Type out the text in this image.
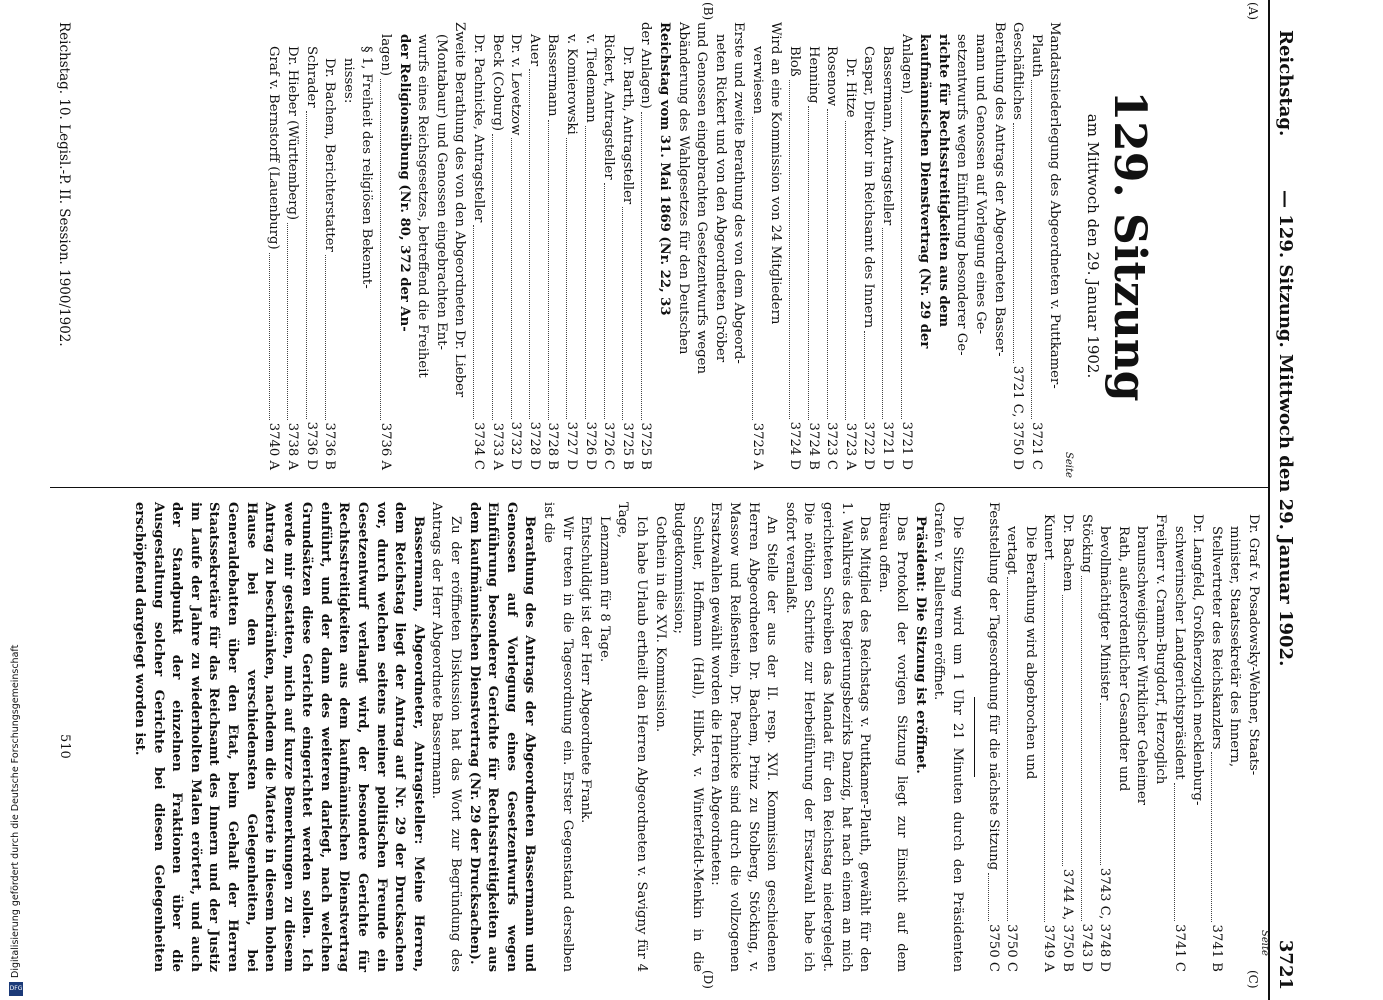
Reichstag.
— 129. Sitzung. Mittwoch den 29. Januar 1902.
3721
(A)
(B)
(C)
(D)
Seite
Seite
129. Sitzung
am Mittwoch den 29. Januar 1902.
Mandatsniederlegung des Abgeordneten v. Puttkamer-
Plauth
3721 C
Geschäftliches
3721 C, 3750 D
Berathung des Antrags der Abgeordneten Basser-
mann und Genossen auf Vorlegung eines Ge-
setzentwurfs wegen Einführung besonderer Ge-
richte für Rechtsstreitigkeiten aus dem
kaufmännischen Dienstvertrag (Nr. 29 der
Anlagen)
3721 D
Bassermann, Antragsteller
3721 D
Caspar, Direktor im Reichsamt des Innern
3722 D
Dr. Hitze
3723 A
Rosenow
3723 C
Henning
3724 B
Bloß
3724 D
Wird an eine Kommission von 24 Mitgliedern
verwiesen
3725 A
Erste und zweite Berathung des von dem Abgeord-
neten Rickert und von den Abgeordneten Gröber
und Genossen eingebrachten Gesetzentwurfs wegen
Abänderung des Wahlgesetzes für den Deutschen
Reichstag vom 31. Mai 1869 (Nr. 22, 33
der Anlagen)
3725 B
Dr. Barth, Antragsteller
3725 B
Rickert, Antragsteller
3726 C
v. Tiedemann
3726 D
v. Komierowski
3727 D
Bassermann
3728 B
Auer
3728 D
Dr. v. Levetzow
3732 D
Beck (Coburg)
3733 A
Dr. Pachnicke, Antragsteller
3734 C
Zweite Berathung des von den Abgeordneten Dr. Lieber
(Montabaur) und Genossen eingebrachten Ent-
wurfs eines Reichsgesetzes, betreffend die Freiheit
der Religionsübung (Nr. 80, 372 der An-
lagen)
3736 A
§ 1, Freiheit des religiösen Bekennt-
nisses:
Dr. Bachem, Berichterstatter
3736 B
Schrader
3736 D
Dr. Hieber (Württemberg)
3738 A
Graf v. Bernstorff (Lauenburg)
3740 A
Dr. Graf v. Posadowsky-Wehner, Staats-
minister, Staatssekretär des Innern,
Stellvertreter des Reichskanzlers
3741 B
Dr. Langfeld, Großherzoglich mecklenburg-
schwerinscher Landgerichtspräsident
3741 C
Freiherr v. Cramm-Burgdorf, Herzoglich
braunschweigischer Wirklicher Geheimer
Rath, außerordentlicher Gesandter und
bevollmächtigter Minister
3743 C, 3748 D
Stöcking
3743 D
Dr. Bachem
3744 A, 3750 B
Kunert
3749 A
Die Berathung wird abgebrochen und
vertagt
3750 C
Feststellung der Tagesordnung für die nächste Sitzung
3750 C

Die Sitzung wird um 1 Uhr 21 Minuten durch den Präsidenten Grafen v. Ballestrem eröffnet.

Präsident: Die Sitzung ist eröffnet.

Das Protokoll der vorigen Sitzung liegt zur Einsicht auf dem Büreau offen.

Das Mitglied des Reichstags v. Puttkamer-Plauth, gewählt für den 1. Wahlkreis des Regierungsbezirks Danzig, hat nach einem an mich gerichteten Schreiben das Mandat für den Reichstag niedergelegt. Die nöthigen Schritte zur Herbeiführung der Ersatzwahl habe ich sofort veranlaßt.

An Stelle der aus der II. resp. XVI. Kommission geschiedenen Herren Abgeordneten Dr. Bachem, Prinz zu Stolberg, Stöcking, v. Massow und Reißenstein, Dr. Pachnicke sind durch die vollzogenen Ersatzwahlen gewählt worden die Herren Abgeordneten:

Schuler, Hoffmann (Hall), Hilbck, v. Winterfeldt-Menkin in die Budgetkommission;

Gothein in die XVI. Kommission.

Ich habe Urlaub ertheilt den Herren Abgeordneten v. Savigny für 4 Tage,

Lenzmann für 8 Tage.

Entschuldigt ist der Herr Abgeordnete Frank.

Wir treten in die Tagesordnung ein. Erster Gegenstand derselben ist die

Berathung des Antrags der Abgeordneten Bassermann und Genossen auf Vorlegung eines Gesetzentwurfs wegen Einführung besonderer Gerichte für Rechtsstreitigkeiten aus dem kaufmännischen Dienstvertrag (Nr. 29 der Drucksachen).

Zu der eröffneten Diskussion hat das Wort zur Begründung des Antrags der Herr Abgeordnete Bassermann.

Bassermann, Abgeordneter, Antragsteller: Meine Herren, dem Reichstag liegt der Antrag auf Nr. 29 der Drucksachen vor, durch welchen seitens meiner politischen Freunde ein Gesetzentwurf verlangt wird, der besondere Gerichte für Rechtsstreitigkeiten aus dem kaufmännischen Dienstvertrag einführt, und der dann des weiteren darlegt, nach welchen Grundsätzen diese Gerichte eingerichtet werden sollen. Ich werde mir gestatten, mich auf kurze Bemerkungen zu diesem Antrag zu beschränken, nachdem die Materie in diesem hohen Hause bei den verschiedensten Gelegenheiten, bei Generaldebatten über den Etat, beim Gehalt der Herren Staatssekretäre für das Reichsamt des Innern und der Justiz im Laufe der Jahre zu wiederholten Malen erörtert, und auch der Standpunkt der einzelnen Fraktionen über die Ausgestaltung solcher Gerichte bei diesen Gelegenheiten erschöpfend dargelegt worden ist.

Reichstag. 10. Legisl.-P. II. Session. 1900/1902.
510
Digitalisierung gefördert durch die Deutsche Forschungsgemeinschaft
DFG
